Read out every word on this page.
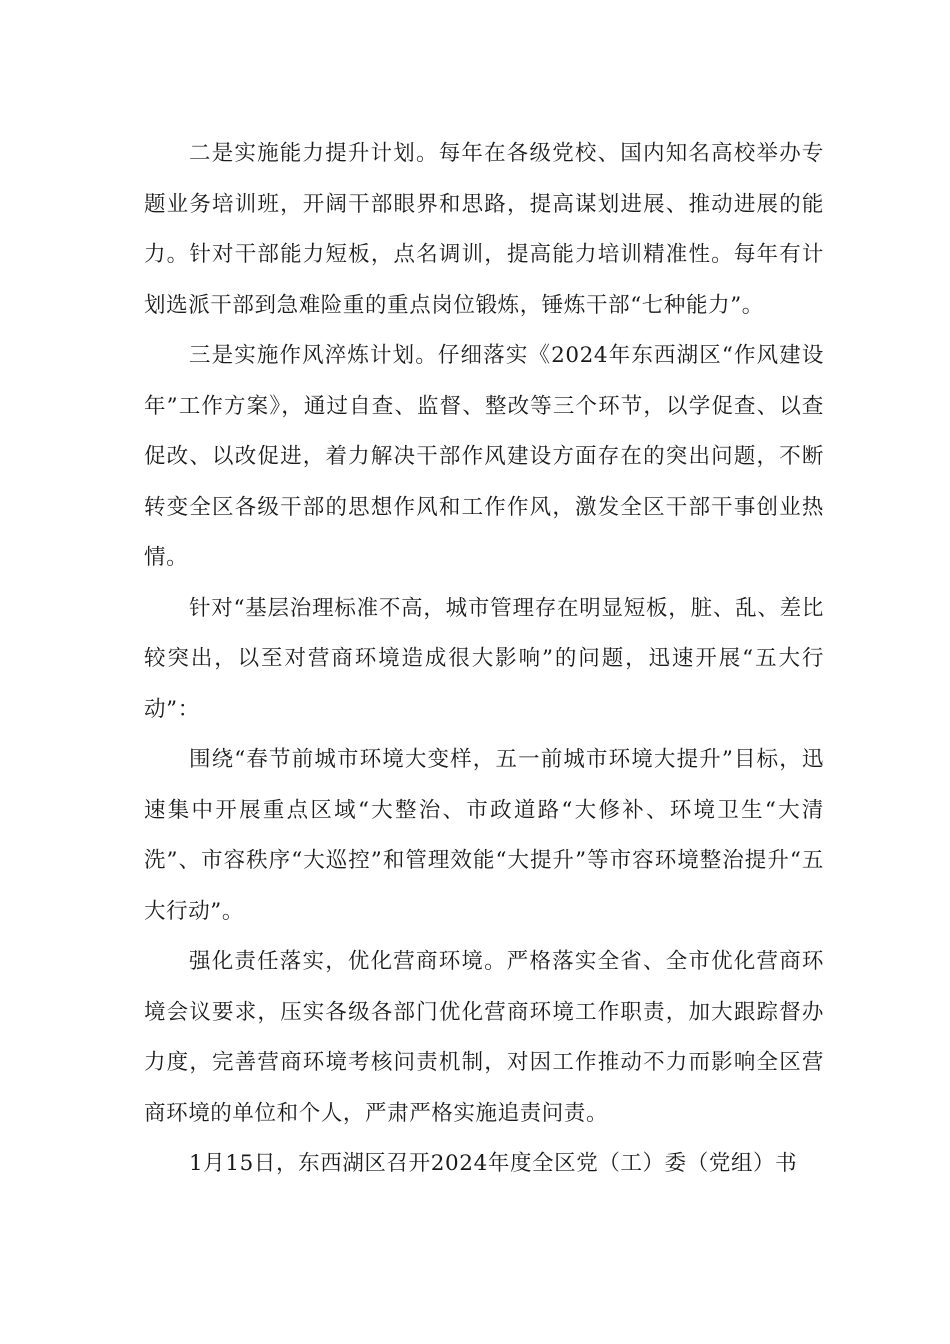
二是实施能力提升计划。每年在各级党校、国内知名高校举办专题业务培训班，开阔干部眼界和思路，提高谋划进展、推动进展的能力。针对干部能力短板，点名调训，提高能力培训精准性。每年有计划选派干部到急难险重的重点岗位锻炼，锤炼干部“七种能力”。

三是实施作风淬炼计划。仔细落实《2024年东西湖区“作风建设年”工作方案》，通过自查、监督、整改等三个环节，以学促查、以查促改、以改促进，着力解决干部作风建设方面存在的突出问题，不断转变全区各级干部的思想作风和工作作风，激发全区干部干事创业热情。

针对“基层治理标准不高，城市管理存在明显短板，脏、乱、差比较突出，以至对营商环境造成很大影响”的问题，迅速开展“五大行动”：

围绕“春节前城市环境大变样，五一前城市环境大提升”目标，迅速集中开展重点区域“大整治、市政道路“大修补、环境卫生“大清洗”、市容秩序“大巡控”和管理效能“大提升”等市容环境整治提升“五大行动”。

强化责任落实，优化营商环境。严格落实全省、全市优化营商环境会议要求，压实各级各部门优化营商环境工作职责，加大跟踪督办力度，完善营商环境考核问责机制，对因工作推动不力而影响全区营商环境的单位和个人，严肃严格实施追责问责。

1月15日，东西湖区召开2024年度全区党（工）委（党组）书
